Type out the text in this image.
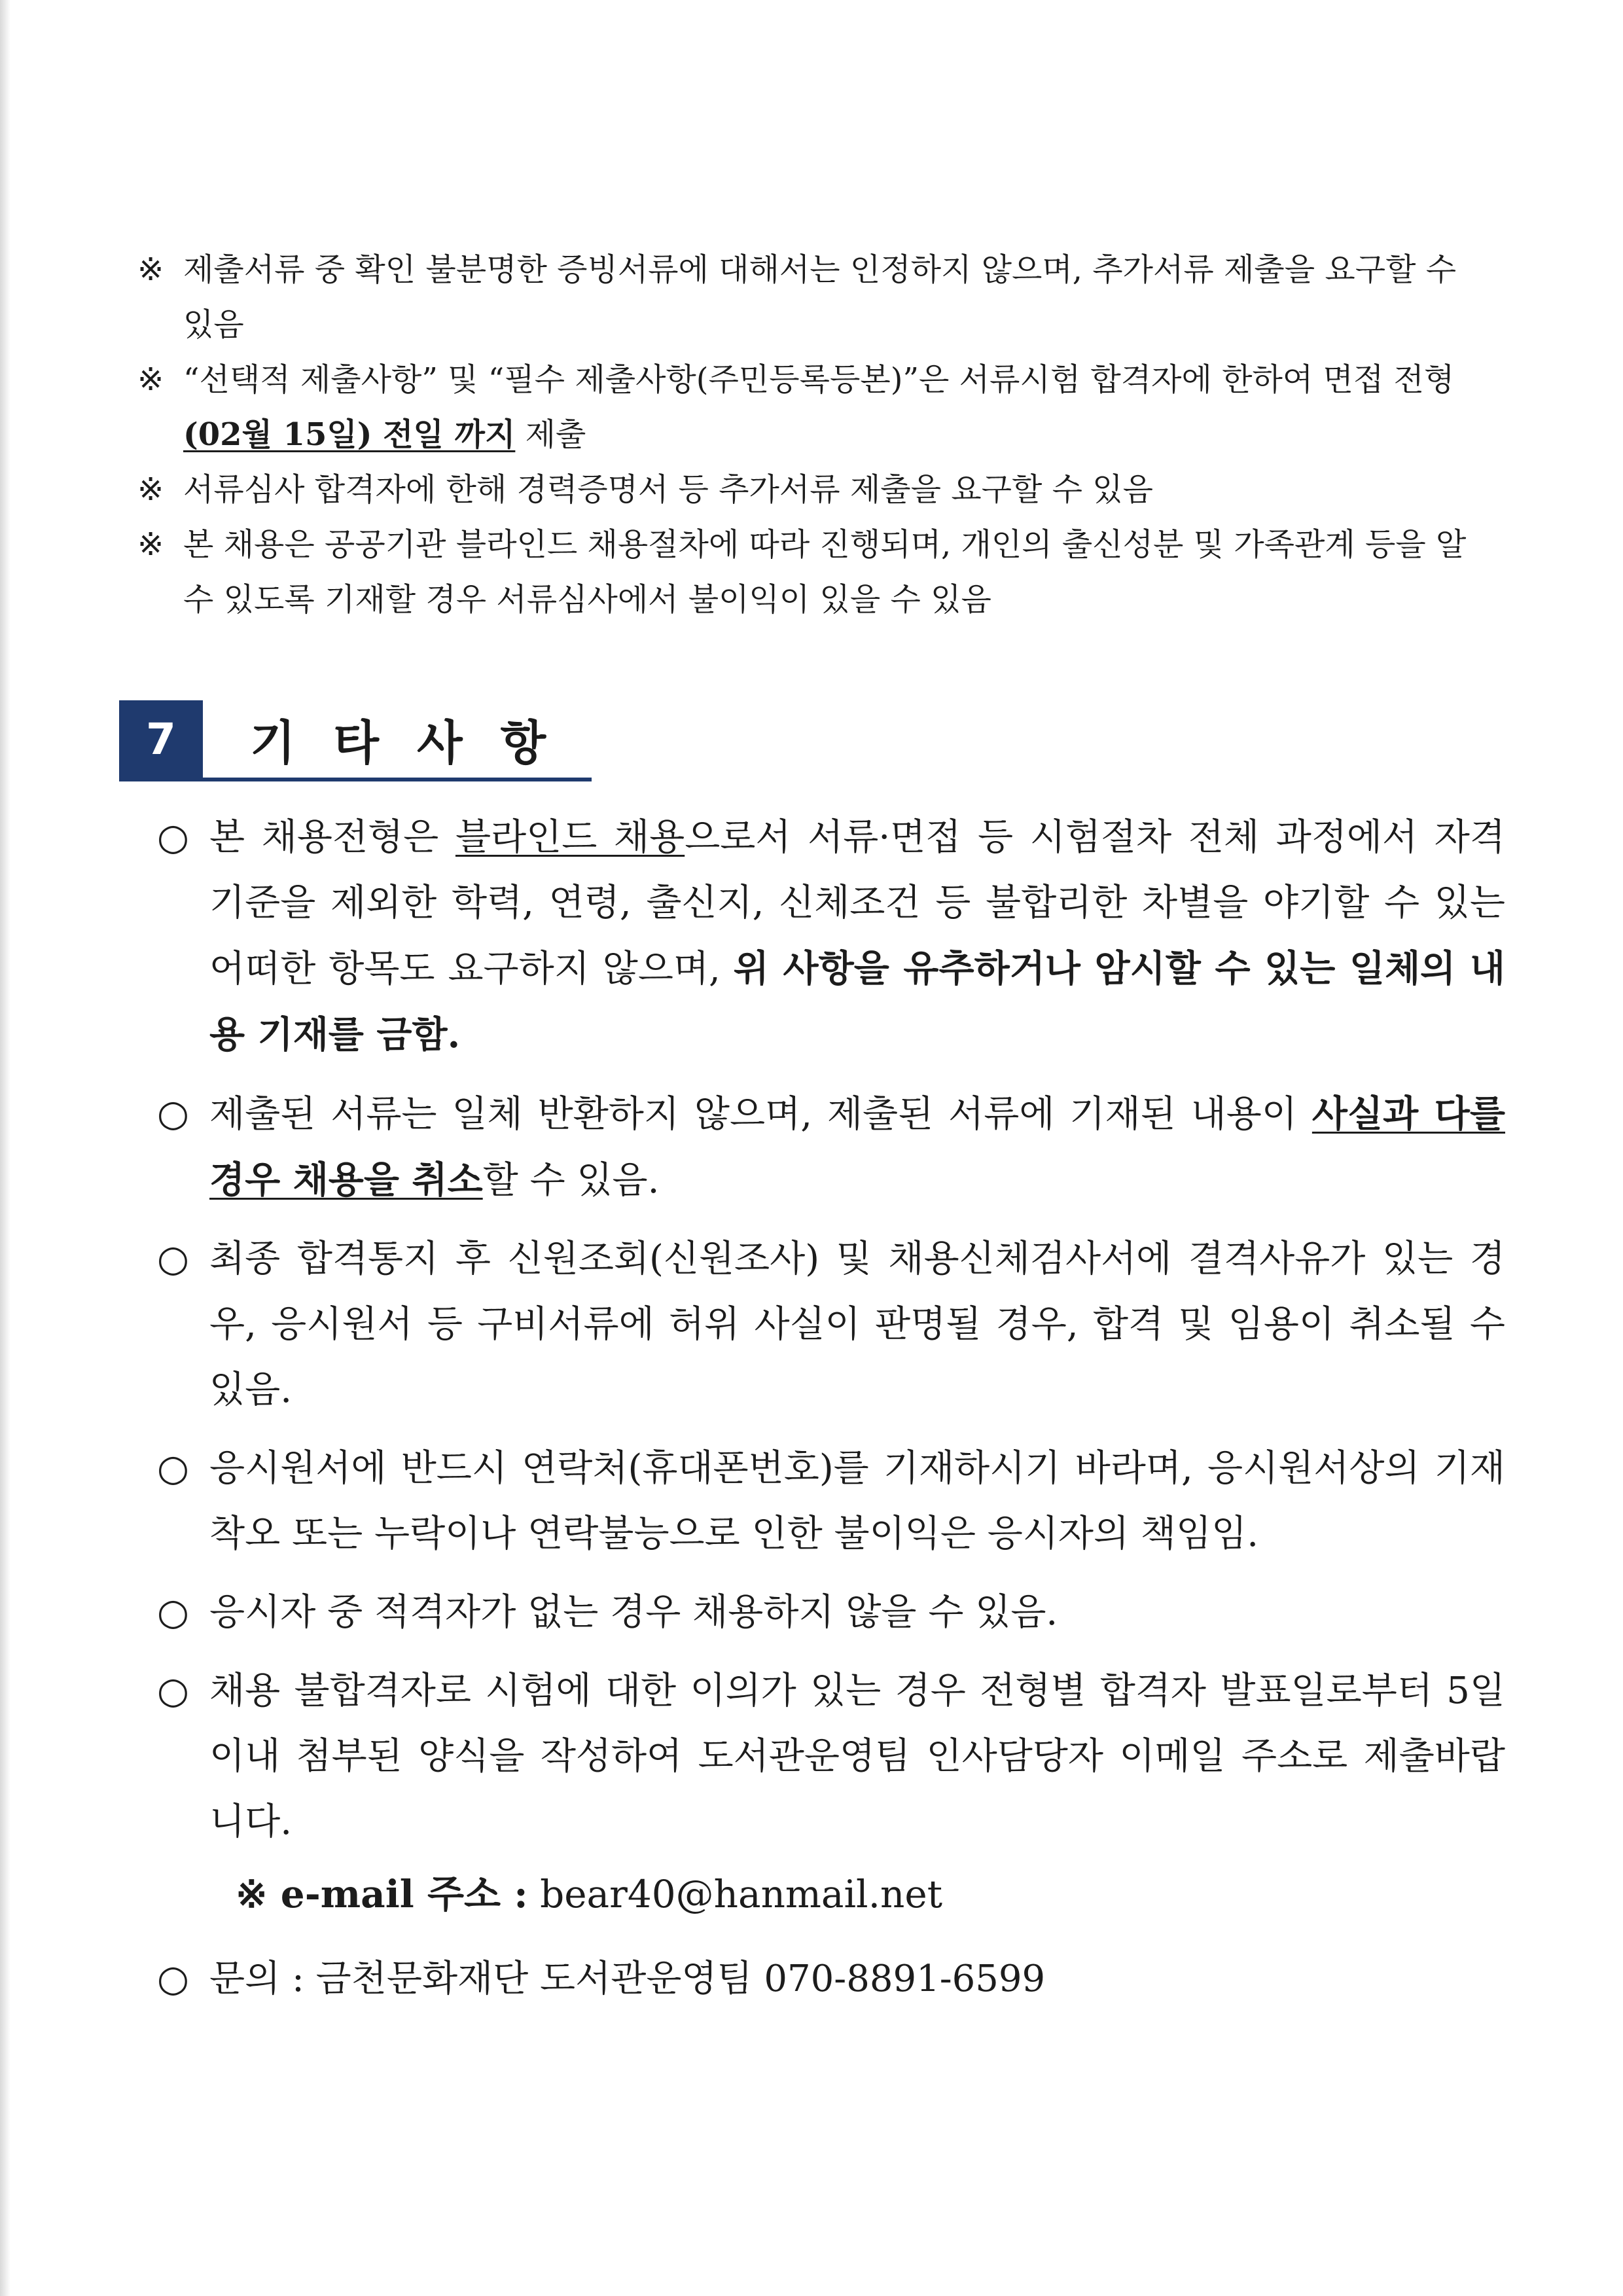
※ 제출서류 중 확인 불분명한 증빙서류에 대해서는 인정하지 않으며, 추가서류 제출을 요구할 수 있음
※ “선택적 제출사항” 및 “필수 제출사항(주민등록등본)”은 서류시험 합격자에 한하여 면접 전형 (02월 15일) 전일 까지 제출
※ 서류심사 합격자에 한해 경력증명서 등 추가서류 제출을 요구할 수 있음
※ 본 채용은 공공기관 블라인드 채용절차에 따라 진행되며, 개인의 출신성분 및 가족관계 등을 알 수 있도록 기재할 경우 서류심사에서 불이익이 있을 수 있음
7	기타사항
○ 본 채용전형은 블라인드 채용으로서 서류·면접 등 시험절차 전체 과정에서 자격 기준을 제외한 학력, 연령, 출신지, 신체조건 등 불합리한 차별을 야기할 수 있는 어떠한 항목도 요구하지 않으며, 위 사항을 유추하거나 암시할 수 있는 일체의 내용 기재를 금함.
○ 제출된 서류는 일체 반환하지 않으며, 제출된 서류에 기재된 내용이 사실과 다를 경우 채용을 취소할 수 있음.
○ 최종 합격통지 후 신원조회(신원조사) 및 채용신체검사서에 결격사유가 있는 경우, 응시원서 등 구비서류에 허위 사실이 판명될 경우, 합격 및 임용이 취소될 수 있음.
○ 응시원서에 반드시 연락처(휴대폰번호)를 기재하시기 바라며, 응시원서상의 기재착오 또는 누락이나 연락불능으로 인한 불이익은 응시자의 책임임.
○ 응시자 중 적격자가 없는 경우 채용하지 않을 수 있음.
○ 채용 불합격자로 시험에 대한 이의가 있는 경우 전형별 합격자 발표일로부터 5일 이내 첨부된 양식을 작성하여 도서관운영팀 인사담당자 이메일 주소로 제출바랍니다.
※ e-mail 주소 : bear40@hanmail.net
○ 문의 : 금천문화재단 도서관운영팀 070-8891-6599
